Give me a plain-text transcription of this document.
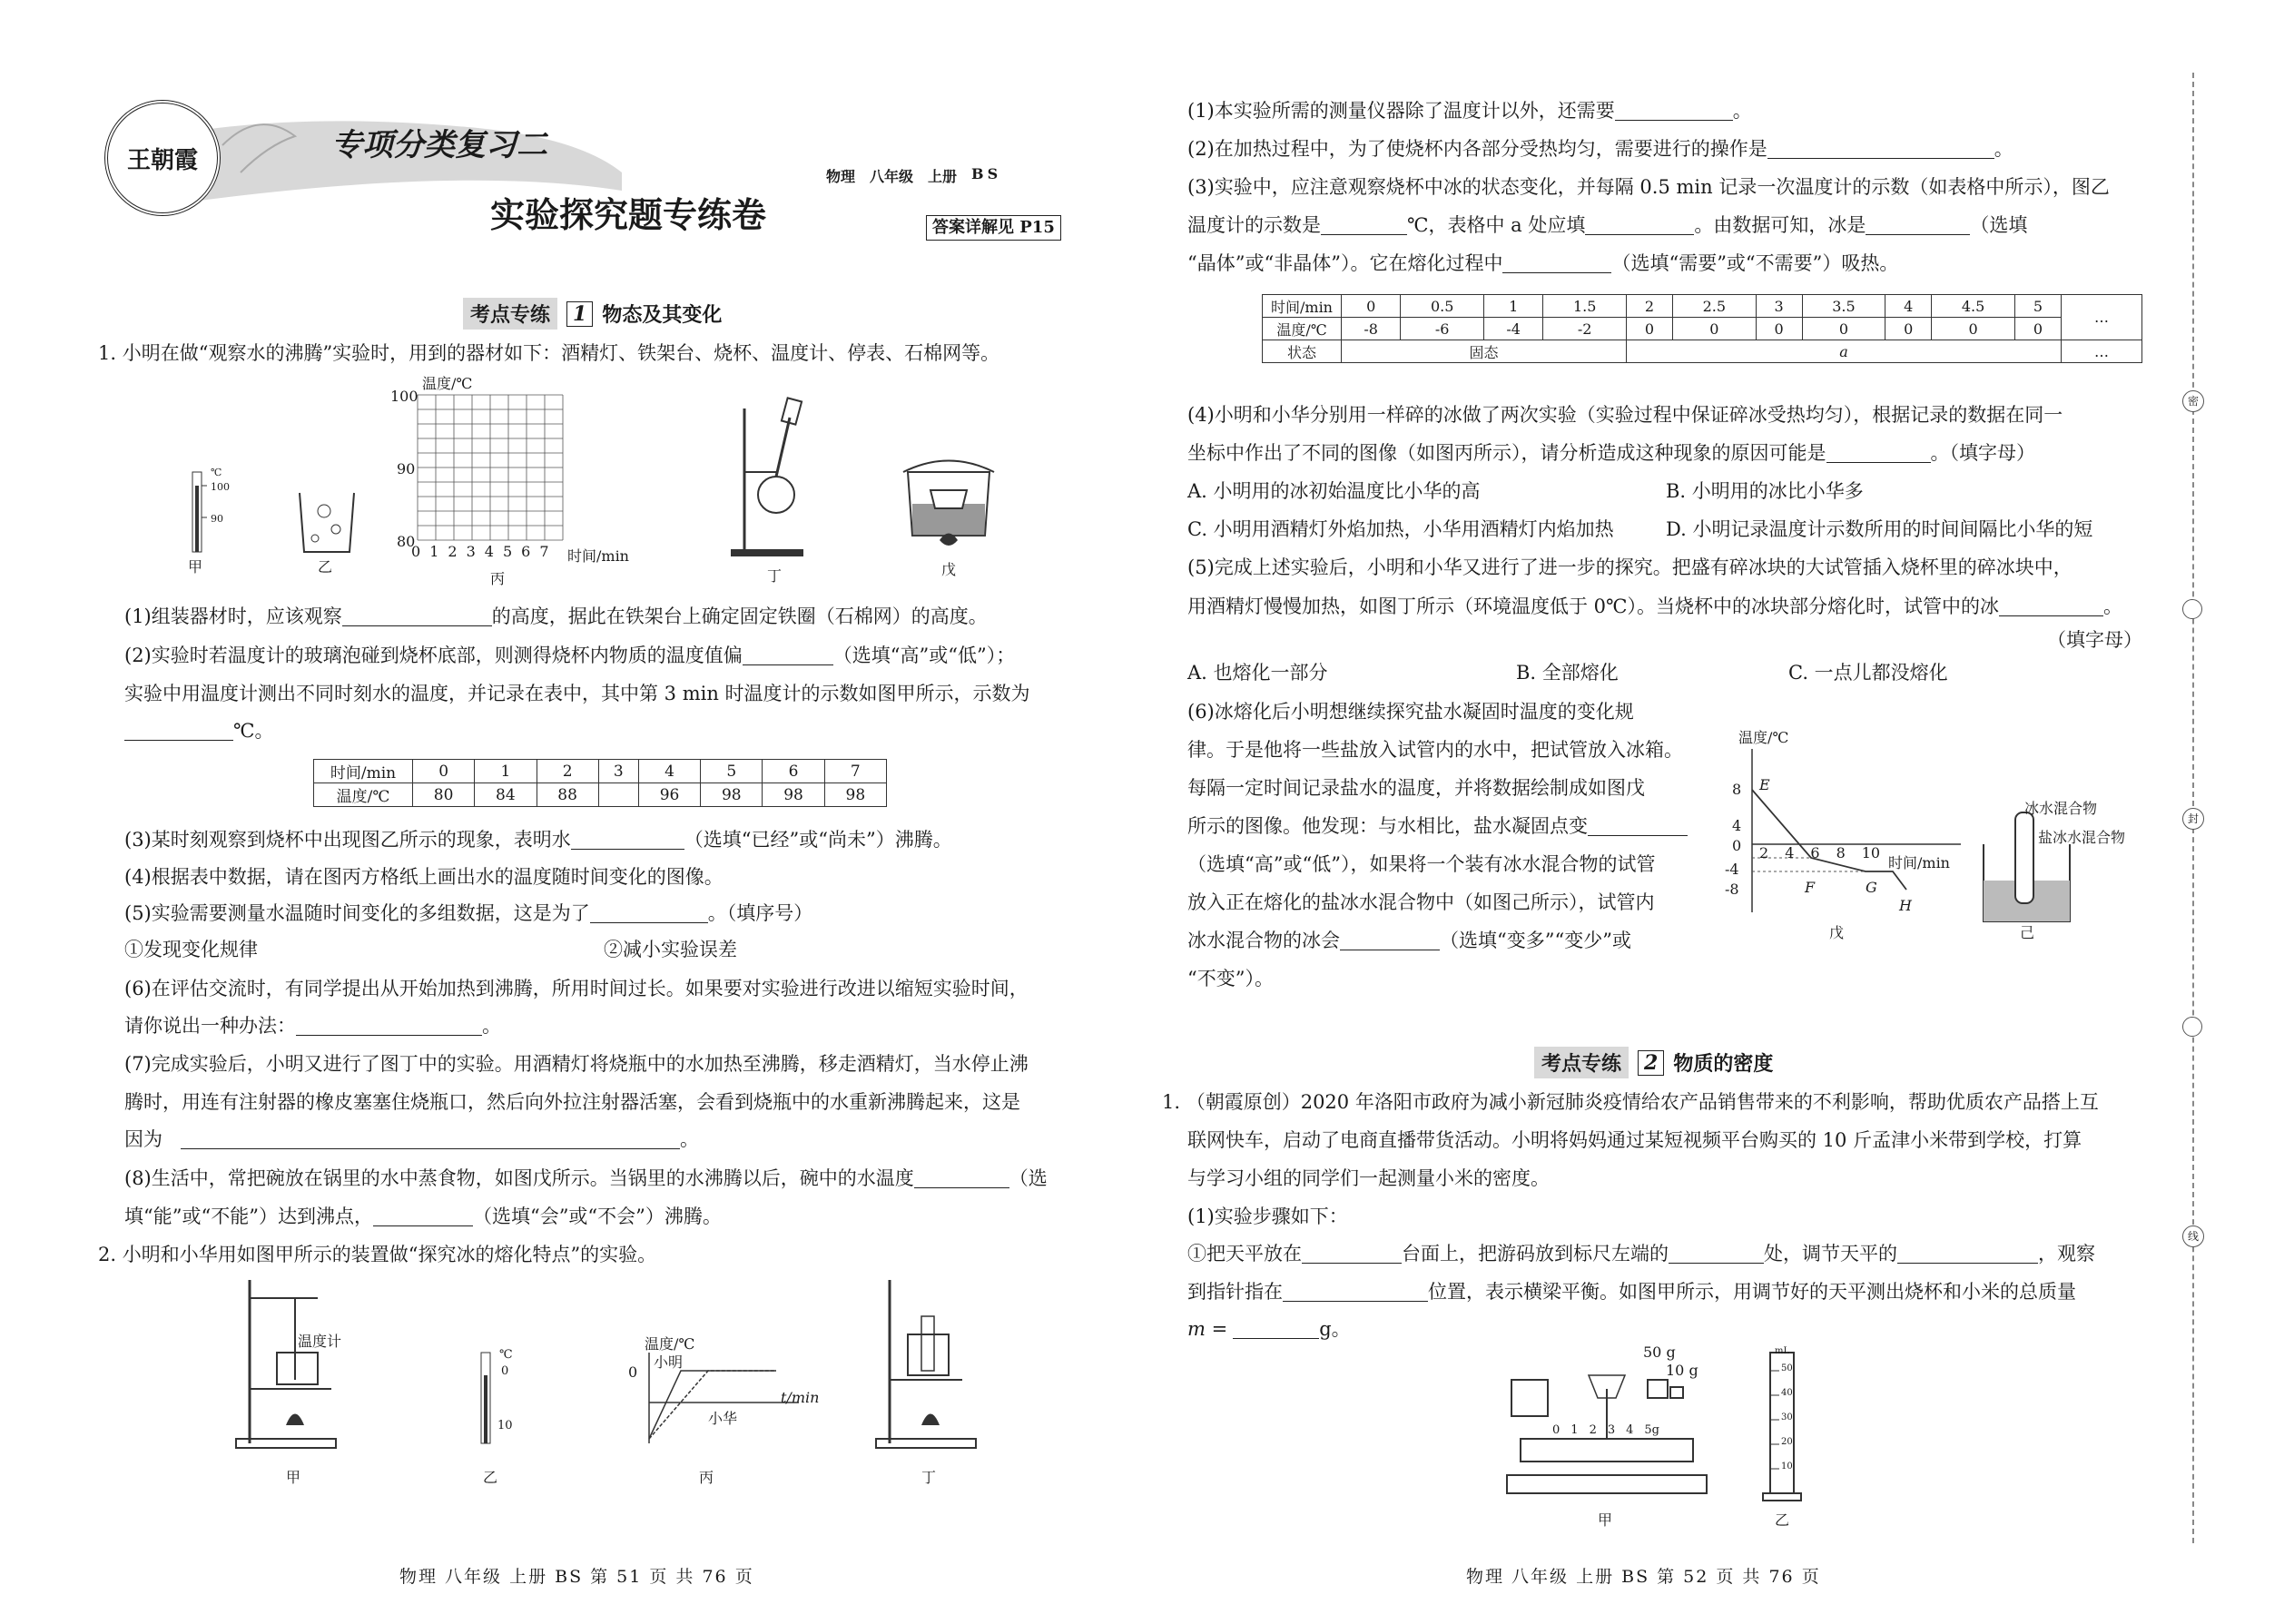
王朝霞	专项分类复习二
实验探究题专练卷
物理 八年级 上册 BS
答案详解见 P15
考点专练	1 物态及其变化
1. 小明在做“观察水的沸腾”实验时，用到的器材如下：酒精灯、铁架台、烧杯、温度计、停表、石棉网等。
℃
100
90
甲	乙
温度/℃
100
90
80
0 1 2 3 4 5 6 7 时间/min
丙	丁	戊
(1)组装器材时，应该观察	的高度，据此在铁架台上确定固定铁圈（石棉网）的高度。
(2)实验时若温度计的玻璃泡碰到烧杯底部，则测得烧杯内物质的温度值偏	（选填“高”或“低”）；
实验中用温度计测出不同时刻水的温度，并记录在表中，其中第 3 min 时温度计的示数如图甲所示，示数为
℃。
时间/min	0	1	2	3	4	5	6	7
温度/℃	80	84	88		96	98	98	98
(3)某时刻观察到烧杯中出现图乙所示的现象，表明水	（选填“已经”或“尚未”）沸腾。
(4)根据表中数据，请在图丙方格纸上画出水的温度随时间变化的图像。
(5)实验需要测量水温随时间变化的多组数据，这是为了	。（填序号）
①发现变化规律	②减小实验误差
(6)在评估交流时，有同学提出从开始加热到沸腾，所用时间过长。如果要对实验进行改进以缩短实验时间，
请你说出一种办法：	。
(7)完成实验后，小明又进行了图丁中的实验。用酒精灯将烧瓶中的水加热至沸腾，移走酒精灯，当水停止沸
腾时，用连有注射器的橡皮塞塞住烧瓶口，然后向外拉注射器活塞，会看到烧瓶中的水重新沸腾起来，这是
因为	。
(8)生活中，常把碗放在锅里的水中蒸食物，如图戊所示。当锅里的水沸腾以后，碗中的水温度	（选
填“能”或“不能”）达到沸点，	（选填“会”或“不会”）沸腾。
2. 小明和小华用如图甲所示的装置做“探究冰的熔化特点”的实验。
温度计
甲
℃
0
10
乙
温度/℃
0
小明
小华
t/min
丙	丁
物理 八年级 上册 BS 第 51 页 共 76 页
(1)本实验所需的测量仪器除了温度计以外，还需要	。
(2)在加热过程中，为了使烧杯内各部分受热均匀，需要进行的操作是	。
(3)实验中，应注意观察烧杯中冰的状态变化，并每隔 0.5 min 记录一次温度计的示数（如表格中所示），图乙
温度计的示数是	℃，表格中 a 处应填	。由数据可知，冰是	（选填
“晶体”或“非晶体”）。它在熔化过程中	（选填“需要”或“不需要”）吸热。
时间/min	0	0.5	1	1.5	2	2.5	3	3.5	4	4.5	5	…
温度/℃	-8	-6	-4	-2	0	0	0	0	0	0	0	
状态	固态				a							…
(4)小明和小华分别用一样碎的冰做了两次实验（实验过程中保证碎冰受热均匀），根据记录的数据在同一
坐标中作出了不同的图像（如图丙所示），请分析造成这种现象的原因可能是	。（填字母）
A. 小明用的冰初始温度比小华的高	B. 小明用的冰比小华多
C. 小明用酒精灯外焰加热，小华用酒精灯内焰加热	D. 小明记录温度计示数所用的时间间隔比小华的短
(5)完成上述实验后，小明和小华又进行了进一步的探究。把盛有碎冰块的大试管插入烧杯里的碎冰块中，
用酒精灯慢慢加热，如图丁所示（环境温度低于 0℃）。当烧杯中的冰块部分熔化时，试管中的冰	。
（填字母）
A. 也熔化一部分	B. 全部熔化	C. 一点儿都没熔化
(6)冰熔化后小明想继续探究盐水凝固时温度的变化规
律。于是他将一些盐放入试管内的水中，把试管放入冰箱。
每隔一定时间记录盐水的温度，并将数据绘制成如图戊
所示的图像。他发现：与水相比，盐水凝固点变
（选填“高”或“低”），如果将一个装有冰水混合物的试管
放入正在熔化的盐冰水混合物中（如图己所示），试管内
冰水混合物的冰会	（选填“变多”“变少”或
“不变”）。
温度/℃
8
4
0
-4
-8
2 4 6 8 10
时间/min
E
F	G
H
戊
冰水混合物
盐冰水混合物
己
考点专练	2 物质的密度
1. （朝霞原创）2020 年洛阳市政府为减小新冠肺炎疫情给农产品销售带来的不利影响，帮助优质农产品搭上互
联网快车，启动了电商直播带货活动。小明将妈妈通过某短视频平台购买的 10 斤孟津小米带到学校，打算
与学习小组的同学们一起测量小米的密度。
(1)实验步骤如下：
①把天平放在	台面上，把游码放到标尺左端的	处，调节天平的	，观察
到指针指在	位置，表示横梁平衡。如图甲所示，用调节好的天平测出烧杯和小米的总质量
m =	g。
50 g
10 g
0 1 2 3 4 5g
甲
mL
50
40
30
20
10
乙
物理 八年级 上册 BS 第 52 页 共 76 页
密
封
线
